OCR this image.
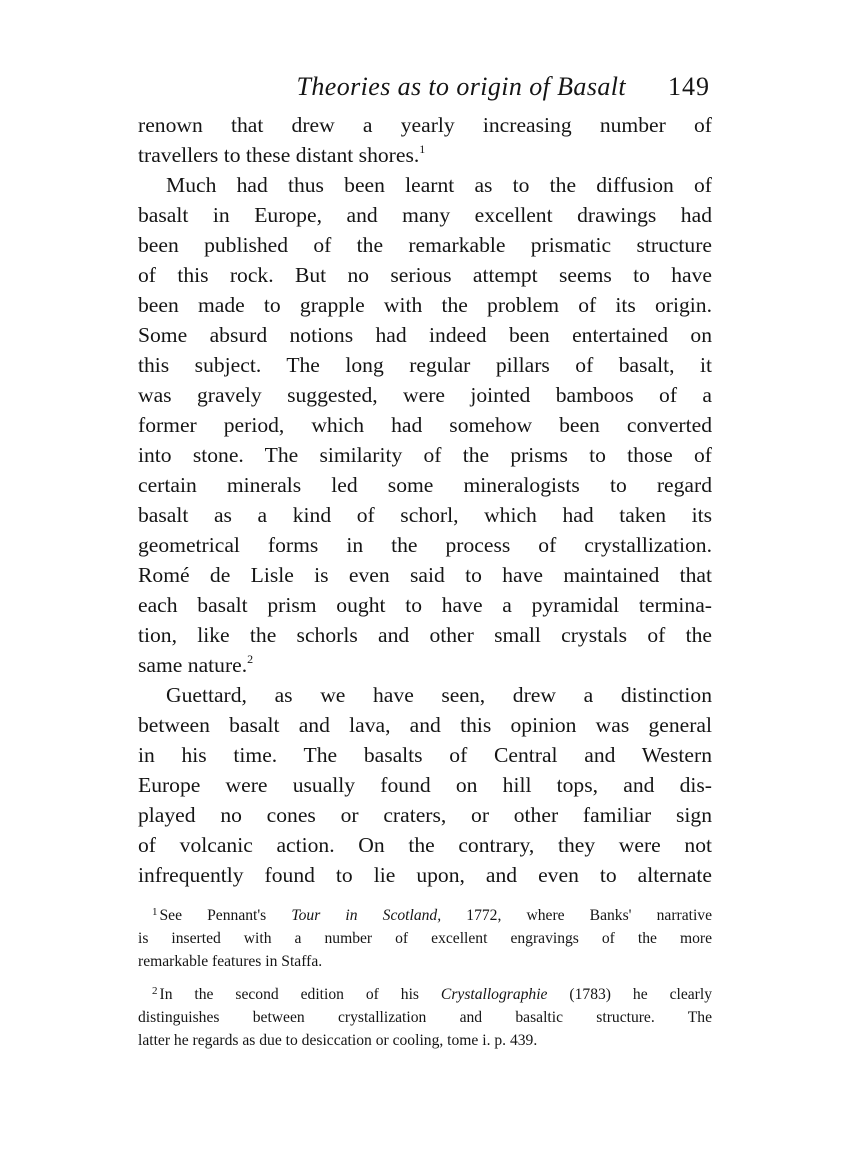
Theories as to origin of Basalt 149
renown that drew a yearly increasing number of
travellers to these distant shores.$^1$
Much had thus been learnt as to the diffusion of
basalt in Europe, and many excellent drawings had
been published of the remarkable prismatic structure
of this rock. But no serious attempt seems to have
been made to grapple with the problem of its origin.
Some absurd notions had indeed been entertained on
this subject. The long regular pillars of basalt, it
was gravely suggested, were jointed bamboos of a
former period, which had somehow been converted
into stone. The similarity of the prisms to those of
certain minerals led some mineralogists to regard
basalt as a kind of schorl, which had taken its
geometrical forms in the process of crystallization.
Romé de Lisle is even said to have maintained that
each basalt prism ought to have a pyramidal termina-
tion, like the schorls and other small crystals of the
same nature.$^2$
Guettard, as we have seen, drew a distinction
between basalt and lava, and this opinion was general
in his time. The basalts of Central and Western
Europe were usually found on hill tops, and dis-
played no cones or craters, or other familiar sign
of volcanic action. On the contrary, they were not
infrequently found to lie upon, and even to alternate
$^1$ See Pennant's Tour in Scotland, 1772, where Banks' narrative
is inserted with a number of excellent engravings of the more
remarkable features in Staffa.
$^2$ In the second edition of his Crystallographie (1783) he clearly
distinguishes between crystallization and basaltic structure. The
latter he regards as due to desiccation or cooling, tome i. p. 439.
